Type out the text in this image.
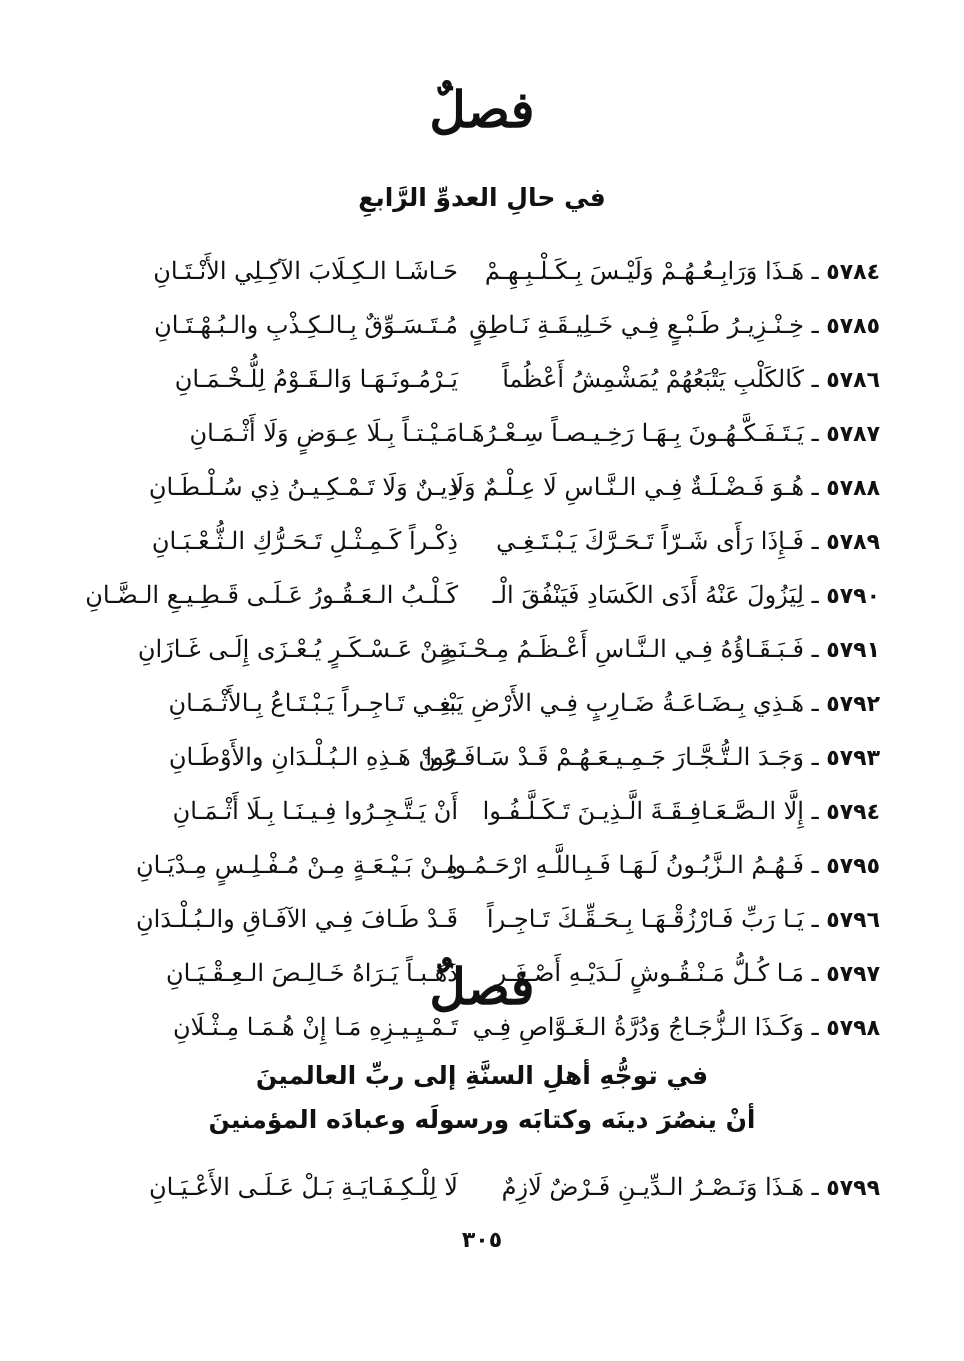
فصلٌ
في حالِ العدوِّ الرَّابعِ
٥٧٨٤ ـ هَـذَا وَرَابِـعُـهُـمْ وَلَيْـسَ بِـكَـلْـبِـهِـمْ
حَـاشَـا الـكِـلَابَ الآكِـلِي الأَنْـتَـانِ
٥٧٨٥ ـ خِـنْـزِيـرُ طَـبْـعٍ فِـي خَـلِيـقَـةِ نَـاطِقٍ
مُـتَـسَـوِّقٌ بِـالـكِـذْبِ والـبُـهْـتَـانِ
٥٧٨٦ ـ كَالكَلْبِ يَتْبَعُهُمْ يُمَشْمِشُ أَعْظُماً
يَـرْمُـونَـهَـا وَالـقَـوْمُ لِلُّـخْـمَـانِ
٥٧٨٧ ـ يَـتَـفَـكَّـهُـونَ بِـهَـا رَخِـيـصـاً سِـعْـرُهَـا
مَـيْـتـاً بِـلَا عِـوَضٍ وَلَا أَثْـمَـانِ
٥٧٨٨ ـ هُـوَ فَـضْـلَـةٌ فِـي الـنَّـاسِ لَا عِـلْـمٌ وَلَا
دِيـنٌ وَلَا تَـمْـكِـيـنُ ذِي سُـلْـطَـانِ
٥٧٨٩ ـ فَـإِذَا رَأَى شَـرّاً تَـحَـرَّكَ يَـبْـتَـغِـي
ذِكْـراً كَـمِـثْـلِ تَـحَـرُّكِ الـثُّـعْـبَـانِ
٥٧٩٠ ـ لِيَزُولَ عَنْهُ أَذَى الكَسَادِ فَيَنْفُقَ الْـ
كَـلْـبُ الـعَـقُـورُ عَـلَـى قَـطِـيـعِ الـضَّـانِ
٥٧٩١ ـ فَـبَـقَـاؤُهُ فِـي الـنَّـاسِ أَعْـظَـمُ مِـحْـنَـةٍ
مِـنْ عَـسْـكَـرٍ يُـعْـزَى إِلَـى غَـازَانِ
٥٧٩٢ ـ هَـذِي بِـضَـاعَـةُ ضَـارِبٍ فِـي الأَرْضِ يَبْـ
ـغِـي تَـاجِـراً يَـبْـتَـاعُ بِـالأَثْـمَـانِ
٥٧٩٣ ـ وَجَـدَ الـتُّـجَّـارَ جَـمِـيـعَـهُـمْ قَـدْ سَـافَـرُوا
عَـنْ هَـذِهِ الـبُـلْـدَانِ والأَوْطَـانِ
٥٧٩٤ ـ إِلَّا الـصَّـعَـافِـقَـةَ الَّـذِيـنَ تَـكَـلَّـفُـوا
أَنْ يَـتَّـجِـرُوا فِـيـنَـا بِـلَا أَثْـمَـانِ
٥٧٩٥ ـ فَـهُـمُ الـزَّبُـونُ لَـهَـا فَـبِـاللَّـهِ ارْحَـمُـوا
مِـنْ بَـيْـعَـةٍ مِـنْ مُـفْـلِـسٍ مِـدْيَـانِ
٥٧٩٦ ـ يَـا رَبِّ فَـارْزُقْـهَـا بِـحَـقِّـكَ تَـاجِـراً
قَـدْ طَـافَ فِـي الآفَـاقِ والـبُـلْـدَانِ
٥٧٩٧ ـ مَـا كُـلُّ مَـنْـقُـوشٍ لَـدَيْـهِ أَصْـفَـرٍ
ذَهَـبـاً يَـرَاهُ خَـالِـصَ الـعِـقْـيَـانِ
٥٧٩٨ ـ وَكَـذَا الـزُّجَـاجُ وَدُرَّةُ الـغَـوَّاصِ فِـي
تَـمْـيِـيـزِهِ مَـا إِنْ هُـمَـا مِـثْـلَانِ
فصلٌ
في توجُّهِ أهلِ السنَّةِ إلى ربِّ العالمينَ
أنْ ينصُرَ دينَه وكتابَه ورسولَه وعبادَه المؤمنينَ
٥٧٩٩ ـ هَـذَا وَنَـصْـرُ الـدِّيـنِ فَـرْضٌ لَازِمٌ
لَا لِلْـكِـفَـايَـةِ بَـلْ عَـلَـى الأَعْـيَـانِ
٣٠٥
